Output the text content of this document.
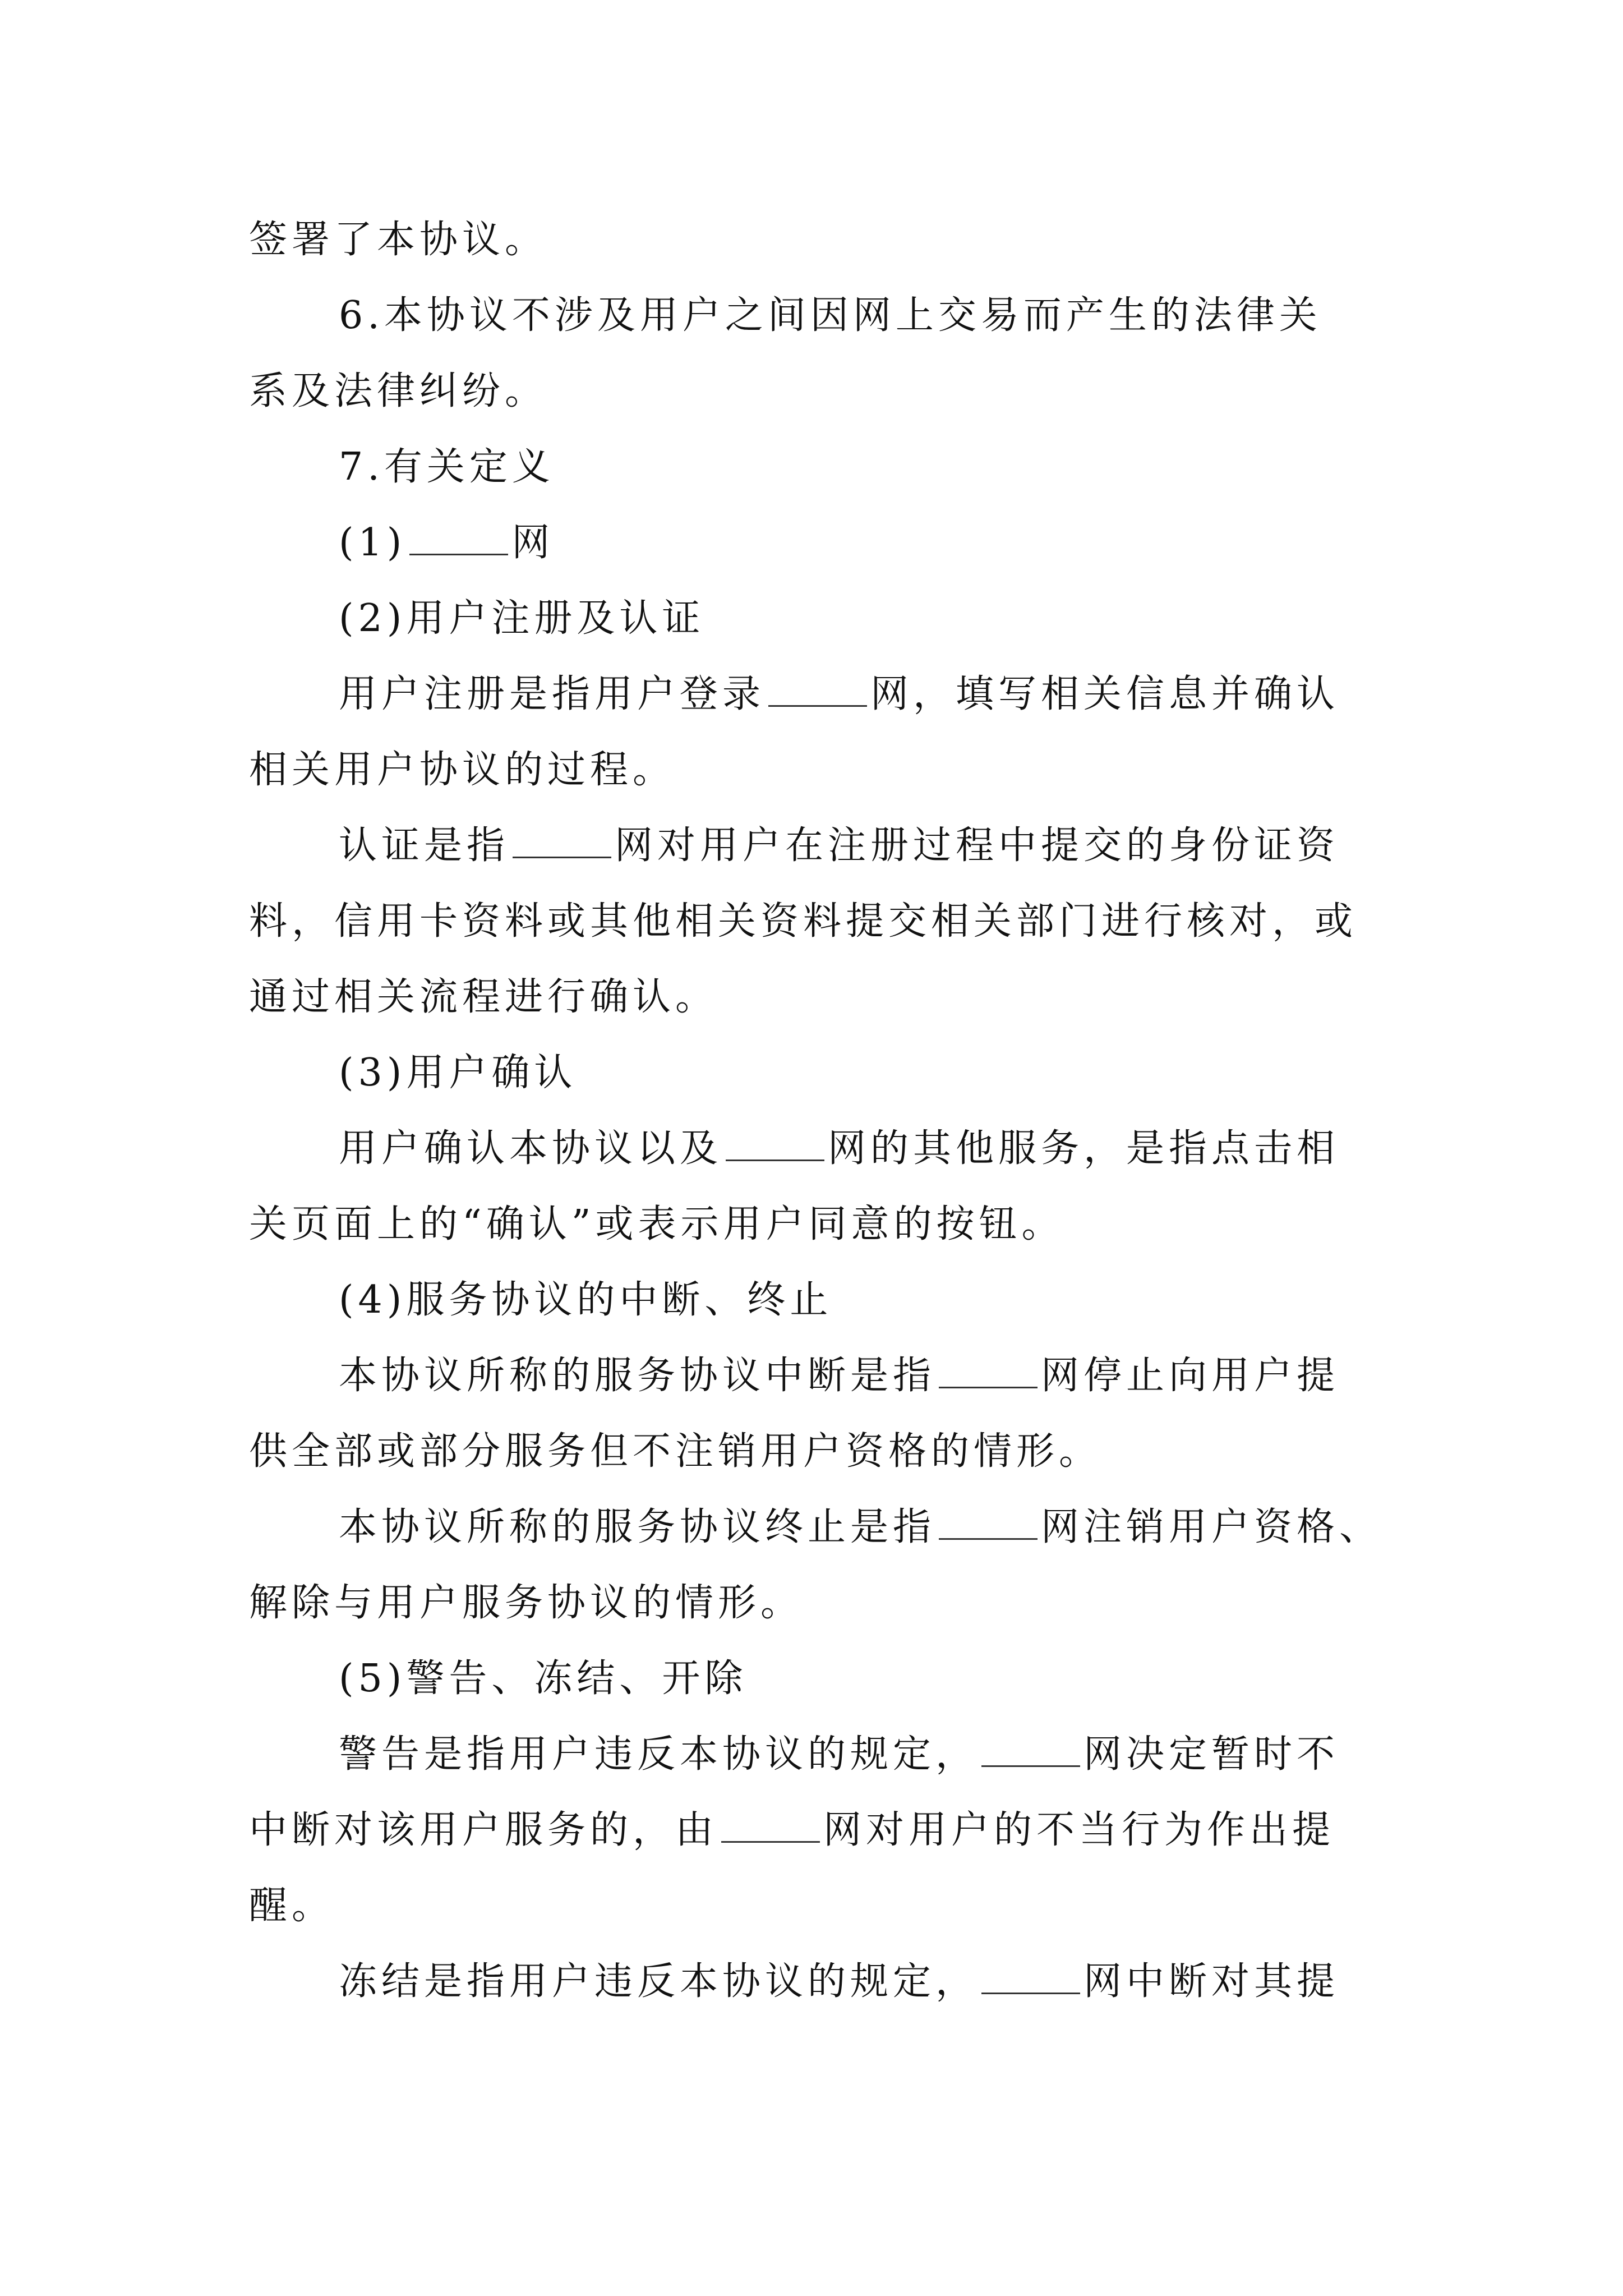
签署了本协议。
6.本协议不涉及用户之间因网上交易而产生的法律关
系及法律纠纷。
7.有关定义
(1)	网
(2)用户注册及认证
用户注册是指用户登录	网，填写相关信息并确认
相关用户协议的过程。
认证是指	网对用户在注册过程中提交的身份证资
料，信用卡资料或其他相关资料提交相关部门进行核对，或
通过相关流程进行确认。
(3)用户确认
用户确认本协议以及	网的其他服务，是指点击相
关页面上的“确认”或表示用户同意的按钮。
(4)服务协议的中断、终止
本协议所称的服务协议中断是指	网停止向用户提
供全部或部分服务但不注销用户资格的情形。
本协议所称的服务协议终止是指	网注销用户资格、
解除与用户服务协议的情形。
(5)警告、冻结、开除
警告是指用户违反本协议的规定，	网决定暂时不
中断对该用户服务的，由	网对用户的不当行为作出提
醒。
冻结是指用户违反本协议的规定，	网中断对其提
